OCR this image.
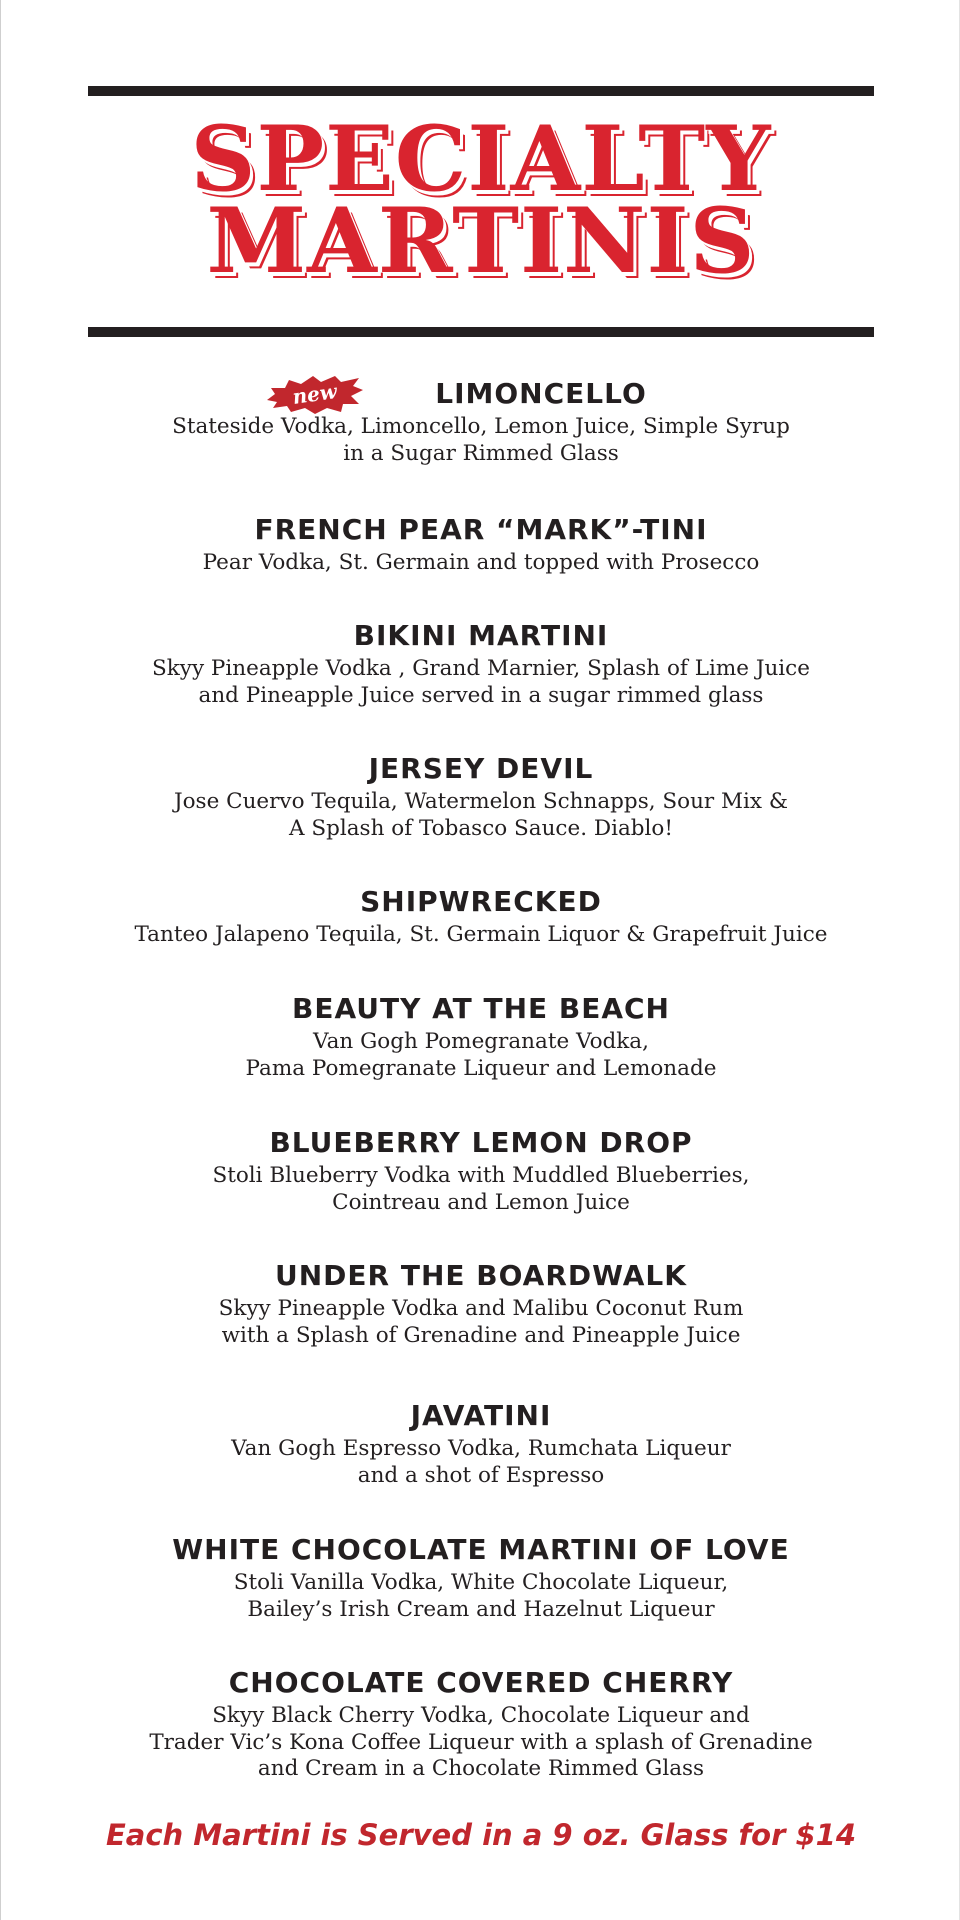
SPECIALTY
MARTINIS
new	LIMONCELLO
Stateside Vodka, Limoncello, Lemon Juice, Simple Syrup
in a Sugar Rimmed Glass
FRENCH PEAR “MARK”-TINI
Pear Vodka, St. Germain and topped with Prosecco
BIKINI MARTINI
Skyy Pineapple Vodka , Grand Marnier, Splash of Lime Juice
and Pineapple Juice served in a sugar rimmed glass
JERSEY DEVIL
Jose Cuervo Tequila, Watermelon Schnapps, Sour Mix &
A Splash of Tobasco Sauce. Diablo!
SHIPWRECKED
Tanteo Jalapeno Tequila, St. Germain Liquor & Grapefruit Juice
BEAUTY AT THE BEACH
Van Gogh Pomegranate Vodka,
Pama Pomegranate Liqueur and Lemonade
BLUEBERRY LEMON DROP
Stoli Blueberry Vodka with Muddled Blueberries,
Cointreau and Lemon Juice
UNDER THE BOARDWALK
Skyy Pineapple Vodka and Malibu Coconut Rum
with a Splash of Grenadine and Pineapple Juice
JAVATINI
Van Gogh Espresso Vodka, Rumchata Liqueur
and a shot of Espresso
WHITE CHOCOLATE MARTINI OF LOVE
Stoli Vanilla Vodka, White Chocolate Liqueur,
Bailey’s Irish Cream and Hazelnut Liqueur
CHOCOLATE COVERED CHERRY
Skyy Black Cherry Vodka, Chocolate Liqueur and
Trader Vic’s Kona Coffee Liqueur with a splash of Grenadine
and Cream in a Chocolate Rimmed Glass
Each Martini is Served in a 9 oz. Glass for $14
